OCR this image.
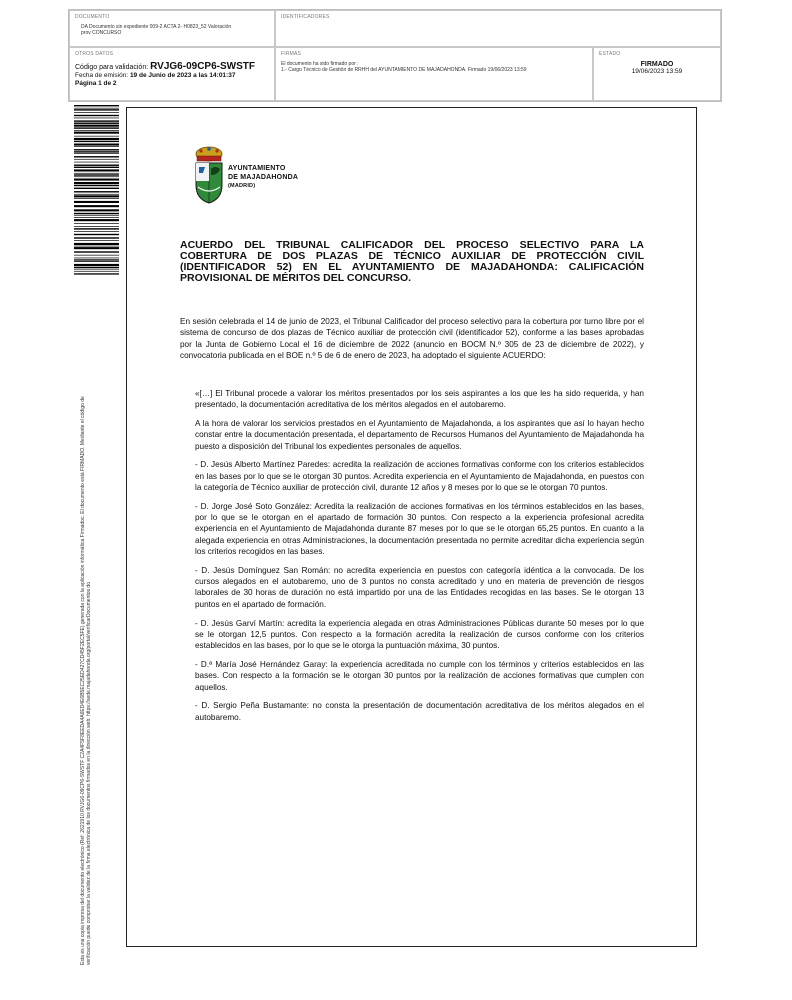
DOCUMENTO
DA Documento sin expediente 009-2 ACTA 2- H0823_52 Valoración
prov CONCURSO
IDENTIFICADORES
OTROS DATOS
Código para validación: RVJG6-09CP6-SWSTF
Fecha de emisión: 19 de Junio de 2023 a las 14:01:37
Página 1 de 2
FIRMAS
El documento ha sido firmado por :
1.- Cargo Técnico de Gestión de RRHH del AYUNTAMIENTO DE MAJADAHONDA. Firmado 19/06/2023 13:59
ESTADO
FIRMADO
19/06/2023 13:59
Esta es una copia impresa del documento electrónico (Ref: 2621910 RVJG6-09CP6-SWSTF C2A4F5F8EEDA4A6ED4E6B5EC25ED427CD45F2EC5FE) generada con la aplicación informática Firmadoc. El documento está FIRMADO. Mediante el código de verificación puede comprobar la validez de la firma electrónica de los documentos firmados en la dirección web: https://sede.majadahonda.org/portal/verificarDocumentos.do
AYUNTAMIENTO
DE MAJADAHONDA
(MADRID)
ACUERDO DEL TRIBUNAL CALIFICADOR DEL PROCESO SELECTIVO PARA LA COBERTURA DE DOS PLAZAS DE TÉCNICO AUXILIAR DE PROTECCIÓN CIVIL (IDENTIFICADOR 52) EN EL AYUNTAMIENTO DE MAJADAHONDA: CALIFICACIÓN PROVISIONAL DE MÉRITOS DEL CONCURSO.
En sesión celebrada el 14 de junio de 2023, el Tribunal Calificador del proceso selectivo para la cobertura por turno libre por el sistema de concurso de dos plazas de Técnico auxiliar de protección civil (identificador 52), conforme a las bases aprobadas por la Junta de Gobierno Local el 16 de diciembre de 2022 (anuncio en BOCM N.º 305 de 23 de diciembre de 2022), y convocatoria publicada en el BOE n.º 5 de 6 de enero de 2023, ha adoptado el siguiente ACUERDO:

«[…] El Tribunal procede a valorar los méritos presentados por los seis aspirantes a los que les ha sido requerida, y han presentado, la documentación acreditativa de los méritos alegados en el autobaremo.

A la hora de valorar los servicios prestados en el Ayuntamiento de Majadahonda, a los aspirantes que así lo hayan hecho constar entre la documentación presentada, el departamento de Recursos Humanos del Ayuntamiento de Majadahonda ha puesto a disposición del Tribunal los expedientes personales de aquellos.

- D. Jesús Alberto Martínez Paredes: acredita la realización de acciones formativas conforme con los criterios establecidos en las bases por lo que se le otorgan 30 puntos. Acredita experiencia en el Ayuntamiento de Majadahonda, en puestos con la categoría de Técnico auxiliar de protección civil, durante 12 años y 8 meses por lo que se le otorgan 70 puntos.

- D. Jorge José Soto González: Acredita la realización de acciones formativas en los términos establecidos en las bases, por lo que se le otorgan en el apartado de formación 30 puntos. Con respecto a la experiencia profesional acredita experiencia en el Ayuntamiento de Majadahonda durante 87 meses por lo que se le otorgan 65,25 puntos. En cuanto a la alegada experiencia en otras Administraciones, la documentación presentada no permite acreditar dicha experiencia según los criterios recogidos en las bases.

- D. Jesús Domínguez San Román: no acredita experiencia en puestos con categoría idéntica a la convocada. De los cursos alegados en el autobaremo, uno de 3 puntos no consta acreditado y uno en materia de prevención de riesgos laborales de 30 horas de duración no está impartido por una de las Entidades recogidas en las bases. Se le otorgan 13 puntos en el apartado de formación.

- D. Jesús Garví Martín: acredita la experiencia alegada en otras Administraciones Públicas durante 50 meses por lo que se le otorgan 12,5 puntos. Con respecto a la formación acredita la realización de cursos conforme con los criterios establecidos en las bases, por lo que se le otorga la puntuación máxima, 30 puntos.

- D.ª María José Hernández Garay: la experiencia acreditada no cumple con los términos y criterios establecidos en las bases. Con respecto a la formación se le otorgan 30 puntos por la realización de acciones formativas que cumplen con aquellos.

- D. Sergio Peña Bustamante: no consta la presentación de documentación acreditativa de los méritos alegados en el autobaremo.
